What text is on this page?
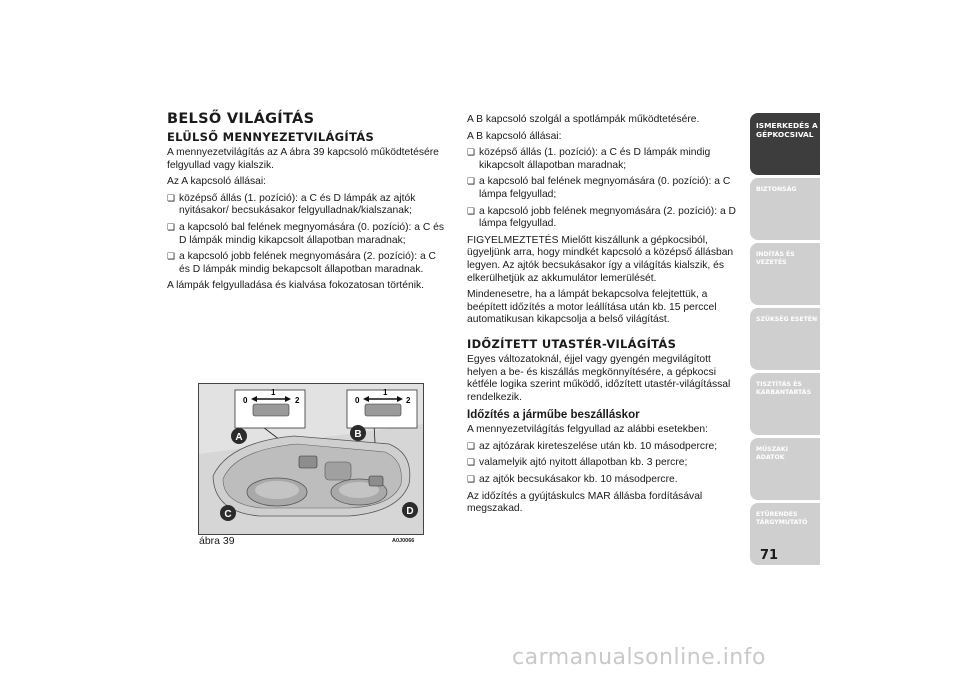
BELSŐ VILÁGÍTÁS
ELÜLSŐ MENNYEZETVILÁGÍTÁS

A mennyezetvilágítás az A ábra 39 kapcsoló működtetésére felgyullad vagy kialszik.

Az A kapcsoló állásai:

❏ középső állás (1. pozíció): a C és D lámpák az ajtók nyitásakor/ becsukásakor felgyulladnak/kialszanak;
❏ a kapcsoló bal felének megnyomására (0. pozíció): a C és D lámpák mindig kikapcsolt állapotban maradnak;
❏ a kapcsoló jobb felének megnyomására (2. pozíció): a C és D lámpák mindig bekapcsolt állapotban maradnak.

A lámpák felgyulladása és kialvása fokozatosan történik.

1
0	2
1
0	2
A	B
C	D
ábra 39	A0J0066

A B kapcsoló szolgál a spotlámpák működtetésére.

A B kapcsoló állásai:

❏ középső állás (1. pozíció): a C és D lámpák mindig kikapcsolt állapotban maradnak;
❏ a kapcsoló bal felének megnyomására (0. pozíció): a C lámpa felgyullad;
❏ a kapcsoló jobb felének megnyomására (2. pozíció): a D lámpa felgyullad.

FIGYELMEZTETÉS Mielőtt kiszállunk a gépkocsiból, ügyeljünk arra, hogy mindkét kapcsoló a középső állásban legyen. Az ajtók becsukásakor így a világítás kialszik, és elkerülhetjük az akkumulátor lemerülését.

Mindenesetre, ha a lámpát bekapcsolva felejtettük, a beépített időzítés a motor leállítása után kb. 15 perccel automatikusan kikapcsolja a belső világítást.

IDŐZÍTETT UTASTÉR-VILÁGÍTÁS

Egyes változatoknál, éjjel vagy gyengén megvilágított helyen a be- és kiszállás megkönnyítésére, a gépkocsi kétféle logika szerint működő, időzített utastér-világítással rendelkezik.

Időzítés a járműbe beszálláskor

A mennyezetvilágítás felgyullad az alábbi esetekben:

❏ az ajtózárak kireteszelése után kb. 10 másodpercre;
❏ valamelyik ajtó nyitott állapotban kb. 3 percre;
❏ az ajtók becsukásakor kb. 10 másodpercre.

Az időzítés a gyújtáskulcs MAR állásba fordításával megszakad.

ISMERKEDÉS A GÉPKOCSIVAL
BIZTONSÁG
INDÍTÁS ÉS VEZETÉS
SZÜKSÉG ESETÉN
TISZTÍTÁS ÉS KARBANTARTÁS
MŰSZAKI ADATOK
ETŰRENDES TÁRGYMUTATÓ
71
carmanualsonline.info
